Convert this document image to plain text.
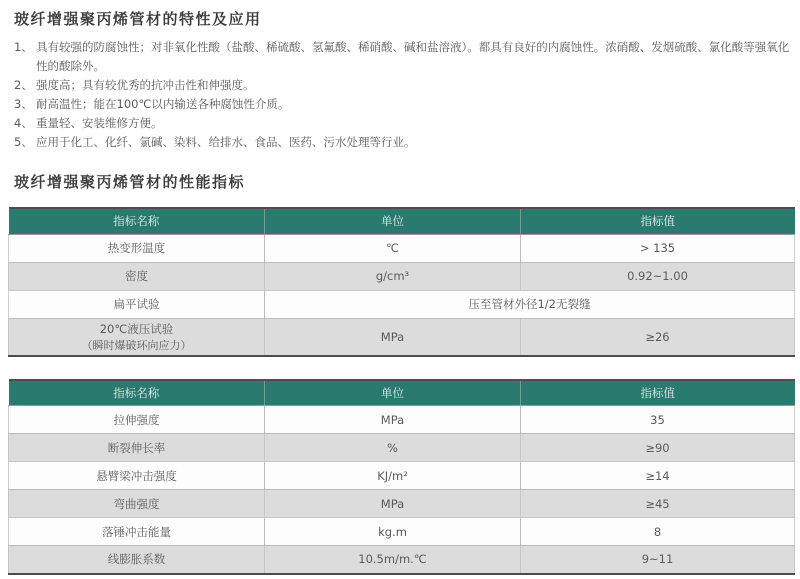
玻纤增强聚丙烯管材的特性及应用
1、 具有较强的防腐蚀性；对非氧化性酸（盐酸、稀硫酸、氢氟酸、稀硝酸、碱和盐溶液）。都具有良好的内腐蚀性。浓硝酸、发烟硫酸、氯化酸等强氧化性的酸除外。
2、 强度高；具有较优秀的抗冲击性和伸强度。
3、 耐高温性；能在100℃以内输送各种腐蚀性介质。
4、 重量轻、安装维修方便。
5、 应用于化工、化纤、氯碱、染料、给排水、食品、医药、污水处理等行业。
玻纤增强聚丙烯管材的性能指标
指标名称	单位	指标值
热变形温度	℃	> 135
密度	g/cm³	0.92~1.00
扁平试验	压至管材外径1/2无裂缝	

20℃液压试验
（瞬时爆破环向应力）	MPa	≥26
指标名称	单位	指标值
拉伸强度	MPa	35
断裂伸长率	%	≥90
悬臂梁冲击强度	KJ/m²	≥14
弯曲强度	MPa	≥45
落锤冲击能量	kg.m	8
线膨胀系数	10.5m/m.℃	9~11
